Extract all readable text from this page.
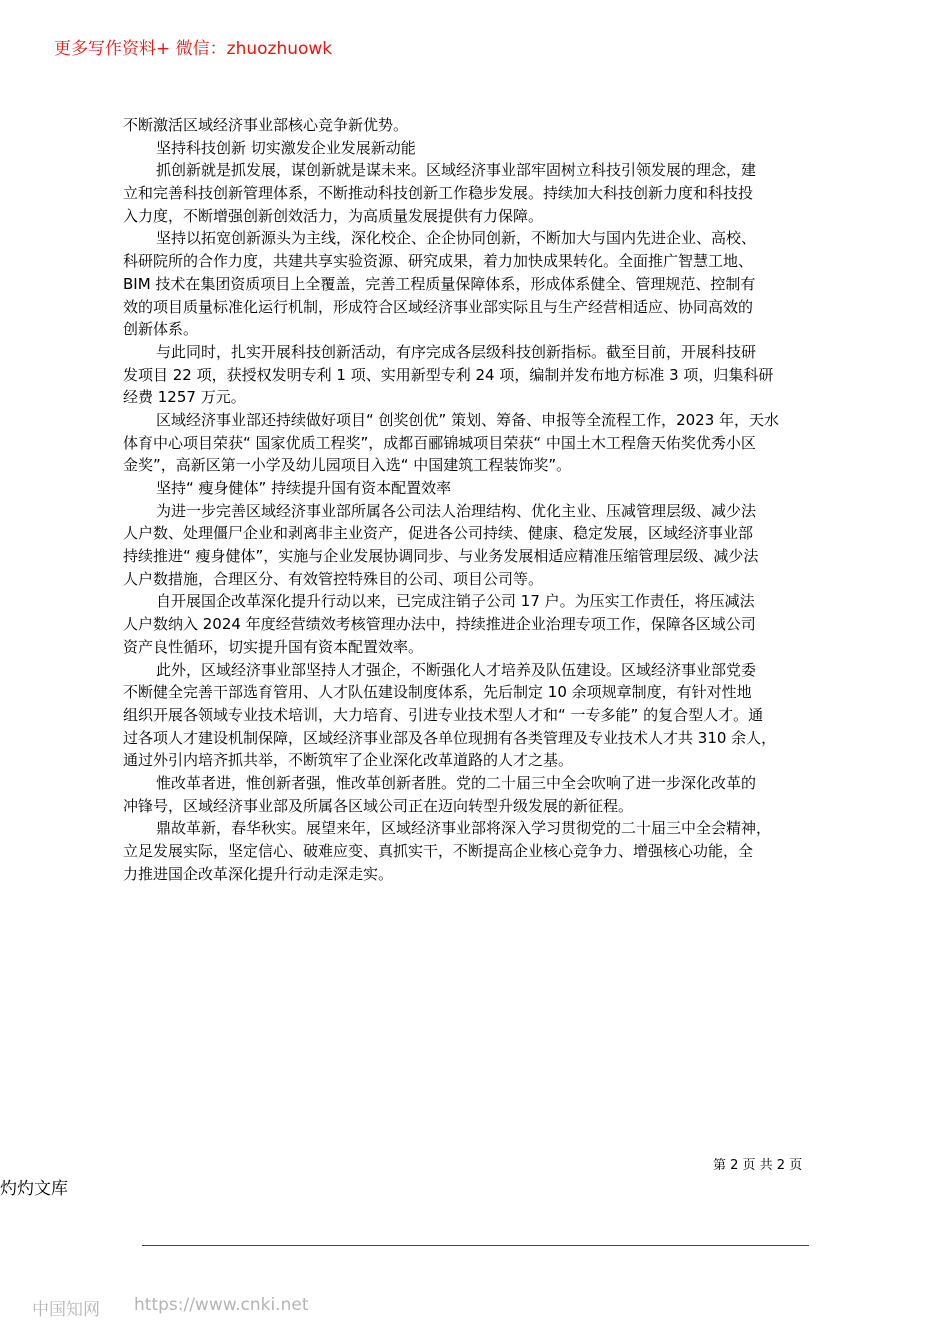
更多写作资料+ 微信：zhuozhuowk
不断激活区域经济事业部核心竞争新优势。
坚持科技创新 切实激发企业发展新动能
抓创新就是抓发展，谋创新就是谋未来。区域经济事业部牢固树立科技引领发展的理念，建
立和完善科技创新管理体系，不断推动科技创新工作稳步发展。持续加大科技创新力度和科技投
入力度，不断增强创新创效活力，为高质量发展提供有力保障。
坚持以拓宽创新源头为主线，深化校企、企企协同创新，不断加大与国内先进企业、高校、
科研院所的合作力度，共建共享实验资源、研究成果，着力加快成果转化。全面推广智慧工地、
BIM 技术在集团资质项目上全覆盖，完善工程质量保障体系，形成体系健全、管理规范、控制有
效的项目质量标准化运行机制，形成符合区域经济事业部实际且与生产经营相适应、协同高效的
创新体系。
与此同时，扎实开展科技创新活动，有序完成各层级科技创新指标。截至目前，开展科技研
发项目 22 项，获授权发明专利 1 项、实用新型专利 24 项，编制并发布地方标准 3 项，归集科研
经费 1257 万元。
区域经济事业部还持续做好项目“ 创奖创优” 策划、筹备、申报等全流程工作，2023 年，天水
体育中心项目荣获“ 国家优质工程奖”，成都百郦锦城项目荣获“ 中国土木工程詹天佑奖优秀小区
金奖”，高新区第一小学及幼儿园项目入选“ 中国建筑工程装饰奖”。
坚持“ 瘦身健体” 持续提升国有资本配置效率
为进一步完善区域经济事业部所属各公司法人治理结构、优化主业、压减管理层级、减少法
人户数、处理僵尸企业和剥离非主业资产，促进各公司持续、健康、稳定发展，区域经济事业部
持续推进“ 瘦身健体”，实施与企业发展协调同步、与业务发展相适应精准压缩管理层级、减少法
人户数措施，合理区分、有效管控特殊目的公司、项目公司等。
自开展国企改革深化提升行动以来，已完成注销子公司 17 户。为压实工作责任，将压减法
人户数纳入 2024 年度经营绩效考核管理办法中，持续推进企业治理专项工作，保障各区域公司
资产良性循环，切实提升国有资本配置效率。
此外，区域经济事业部坚持人才强企，不断强化人才培养及队伍建设。区域经济事业部党委
不断健全完善干部选育管用、人才队伍建设制度体系，先后制定 10 余项规章制度，有针对性地
组织开展各领域专业技术培训，大力培育、引进专业技术型人才和“ 一专多能” 的复合型人才。通
过各项人才建设机制保障，区域经济事业部及各单位现拥有各类管理及专业技术人才共 310 余人，
通过外引内培齐抓共举，不断筑牢了企业深化改革道路的人才之基。
惟改革者进，惟创新者强，惟改革创新者胜。党的二十届三中全会吹响了进一步深化改革的
冲锋号，区域经济事业部及所属各区域公司正在迈向转型升级发展的新征程。
鼎故革新，春华秋实。展望来年，区域经济事业部将深入学习贯彻党的二十届三中全会精神，
立足发展实际，坚定信心、破难应变、真抓实干，不断提高企业核心竞争力、增强核心功能，全
力推进国企改革深化提升行动走深走实。
第 2 页 共 2 页
灼灼文库
中国知网 https://www.cnki.net
